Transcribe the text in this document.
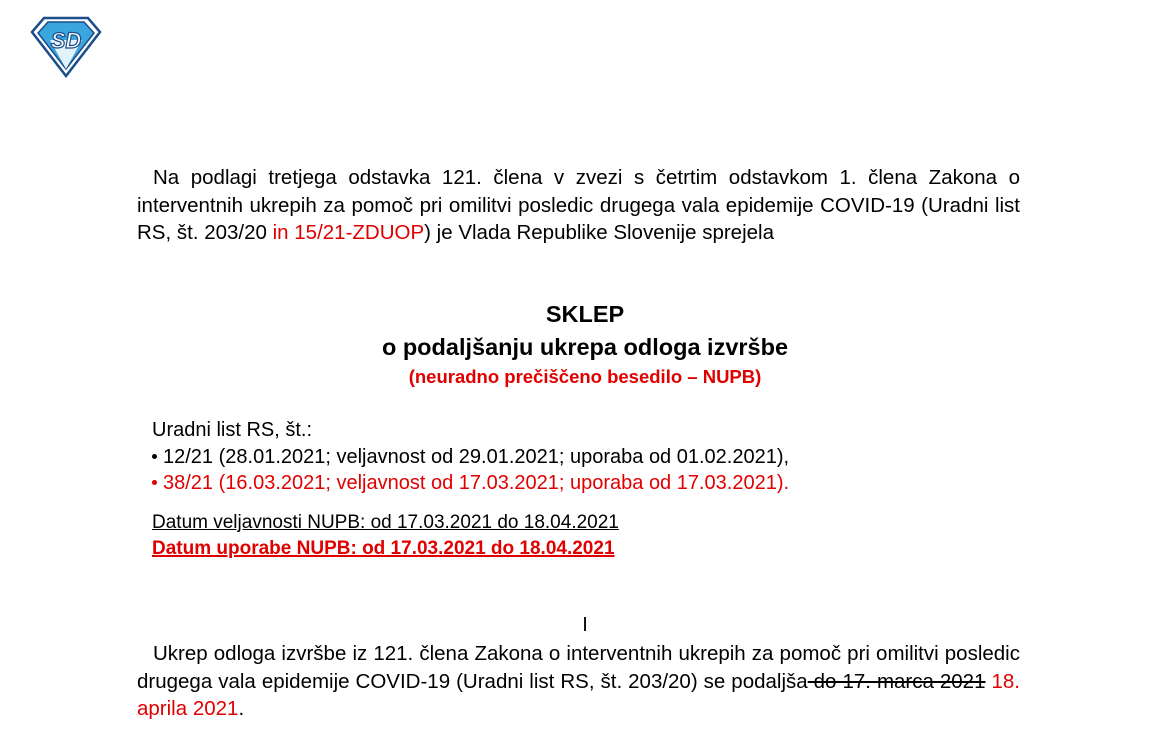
SD
Na podlagi tretjega odstavka 121. člena v zvezi s četrtim odstavkom 1. člena Zakona o interventnih ukrepih za pomoč pri omilitvi posledic drugega vala epidemije COVID-19 (Uradni list RS, št. 203/20 in 15/21-ZDUOP) je Vlada Republike Slovenije sprejela
SKLEP
o podaljšanju ukrepa odloga izvršbe
(neuradno prečiščeno besedilo – NUPB)
Uradni list RS, št.:
12/21 (28.01.2021; veljavnost od 29.01.2021; uporaba od 01.02.2021),
38/21 (16.03.2021; veljavnost od 17.03.2021; uporaba od 17.03.2021).
Datum veljavnosti NUPB: od 17.03.2021 do 18.04.2021
Datum uporabe NUPB: od 17.03.2021 do 18.04.2021
I
Ukrep odloga izvršbe iz 121. člena Zakona o interventnih ukrepih za pomoč pri omilitvi posledic drugega vala epidemije COVID-19 (Uradni list RS, št. 203/20) se podaljša do 17. marca 2021 18. aprila 2021.
